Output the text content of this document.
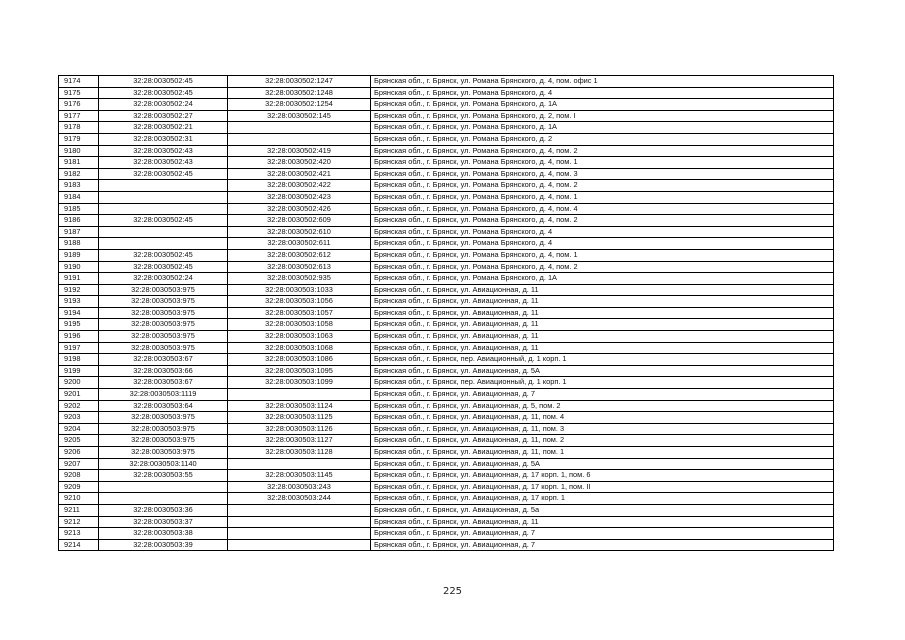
9174	32:28:0030502:45	32:28:0030502:1247	Брянская обл., г. Брянск, ул. Романа Брянского, д. 4, пом. офис 1
9175	32:28:0030502:45	32:28:0030502:1248	Брянская обл., г. Брянск, ул. Романа Брянского, д. 4
9176	32:28:0030502:24	32:28:0030502:1254	Брянская обл., г. Брянск, ул. Романа Брянского, д. 1А
9177	32:28:0030502:27	32:28:0030502:145	Брянская обл., г. Брянск, ул. Романа Брянского, д. 2, пом. I
9178	32:28:0030502:21		Брянская обл., г. Брянск, ул. Романа Брянского, д. 1А
9179	32:28:0030502:31		Брянская обл., г. Брянск, ул. Романа Брянского, д. 2
9180	32:28:0030502:43	32:28:0030502:419	Брянская обл., г. Брянск, ул. Романа Брянского, д. 4, пом. 2
9181	32:28:0030502:43	32:28:0030502:420	Брянская обл., г. Брянск, ул. Романа Брянского, д. 4, пом. 1
9182	32:28:0030502:45	32:28:0030502:421	Брянская обл., г. Брянск, ул. Романа Брянского, д. 4, пом. 3
9183		32:28:0030502:422	Брянская обл., г. Брянск, ул. Романа Брянского, д. 4, пом. 2
9184		32:28:0030502:423	Брянская обл., г. Брянск, ул. Романа Брянского, д. 4, пом. 1
9185		32:28:0030502:426	Брянская обл., г. Брянск, ул. Романа Брянского, д. 4, пом. 4
9186	32:28:0030502:45	32:28:0030502:609	Брянская обл., г. Брянск, ул. Романа Брянского, д. 4, пом. 2
9187		32:28:0030502:610	Брянская обл., г. Брянск, ул. Романа Брянского, д. 4
9188		32:28:0030502:611	Брянская обл., г. Брянск, ул. Романа Брянского, д. 4
9189	32:28:0030502:45	32:28:0030502:612	Брянская обл., г. Брянск, ул. Романа Брянского, д. 4, пом. 1
9190	32:28:0030502:45	32:28:0030502:613	Брянская обл., г. Брянск, ул. Романа Брянского, д. 4, пом. 2
9191	32:28:0030502:24	32:28:0030502:935	Брянская обл., г. Брянск, ул. Романа Брянского, д. 1А
9192	32:28:0030503:975	32:28:0030503:1033	Брянская обл., г. Брянск, ул. Авиационная, д. 11
9193	32:28:0030503:975	32:28:0030503:1056	Брянская обл., г. Брянск, ул. Авиационная, д. 11
9194	32:28:0030503:975	32:28:0030503:1057	Брянская обл., г. Брянск, ул. Авиационная, д. 11
9195	32:28:0030503:975	32:28:0030503:1058	Брянская обл., г. Брянск, ул. Авиационная, д. 11
9196	32:28:0030503:975	32:28:0030503:1063	Брянская обл., г. Брянск, ул. Авиационная, д. 11
9197	32:28:0030503:975	32:28:0030503:1068	Брянская обл., г. Брянск, ул. Авиационная, д. 11
9198	32:28:0030503:67	32:28:0030503:1086	Брянская обл., г. Брянск, пер. Авиационный, д. 1 корп. 1
9199	32:28:0030503:66	32:28:0030503:1095	Брянская обл., г. Брянск, ул. Авиационная, д. 5А
9200	32:28:0030503:67	32:28:0030503:1099	Брянская обл., г. Брянск, пер. Авиационный, д. 1 корп. 1
9201	32:28:0030503:1119		Брянская обл., г. Брянск, ул. Авиационная, д. 7
9202	32:28:0030503:64	32:28:0030503:1124	Брянская обл., г. Брянск, ул. Авиационная, д. 5, пом. 2
9203	32:28:0030503:975	32:28:0030503:1125	Брянская обл., г. Брянск, ул. Авиационная, д. 11, пом. 4
9204	32:28:0030503:975	32:28:0030503:1126	Брянская обл., г. Брянск, ул. Авиационная, д. 11, пом. 3
9205	32:28:0030503:975	32:28:0030503:1127	Брянская обл., г. Брянск, ул. Авиационная, д. 11, пом. 2
9206	32:28:0030503:975	32:28:0030503:1128	Брянская обл., г. Брянск, ул. Авиационная, д. 11, пом. 1
9207	32:28:0030503:1140		Брянская обл., г. Брянск, ул. Авиационная, д. 5А
9208	32:28:0030503:55	32:28:0030503:1145	Брянская обл., г. Брянск, ул. Авиационная, д. 17 корп. 1, пом. 6
9209		32:28:0030503:243	Брянская обл., г. Брянск, ул. Авиационная, д. 17 корп. 1, пом. II
9210		32:28:0030503:244	Брянская обл., г. Брянск, ул. Авиационная, д. 17 корп. 1
9211	32:28:0030503:36		Брянская обл., г. Брянск, ул. Авиационная, д. 5а
9212	32:28:0030503:37		Брянская обл., г. Брянск, ул. Авиационная, д. 11
9213	32:28:0030503:38		Брянская обл., г. Брянск, ул. Авиационная, д. 7
9214	32:28:0030503:39		Брянская обл., г. Брянск, ул. Авиационная, д. 7
225
